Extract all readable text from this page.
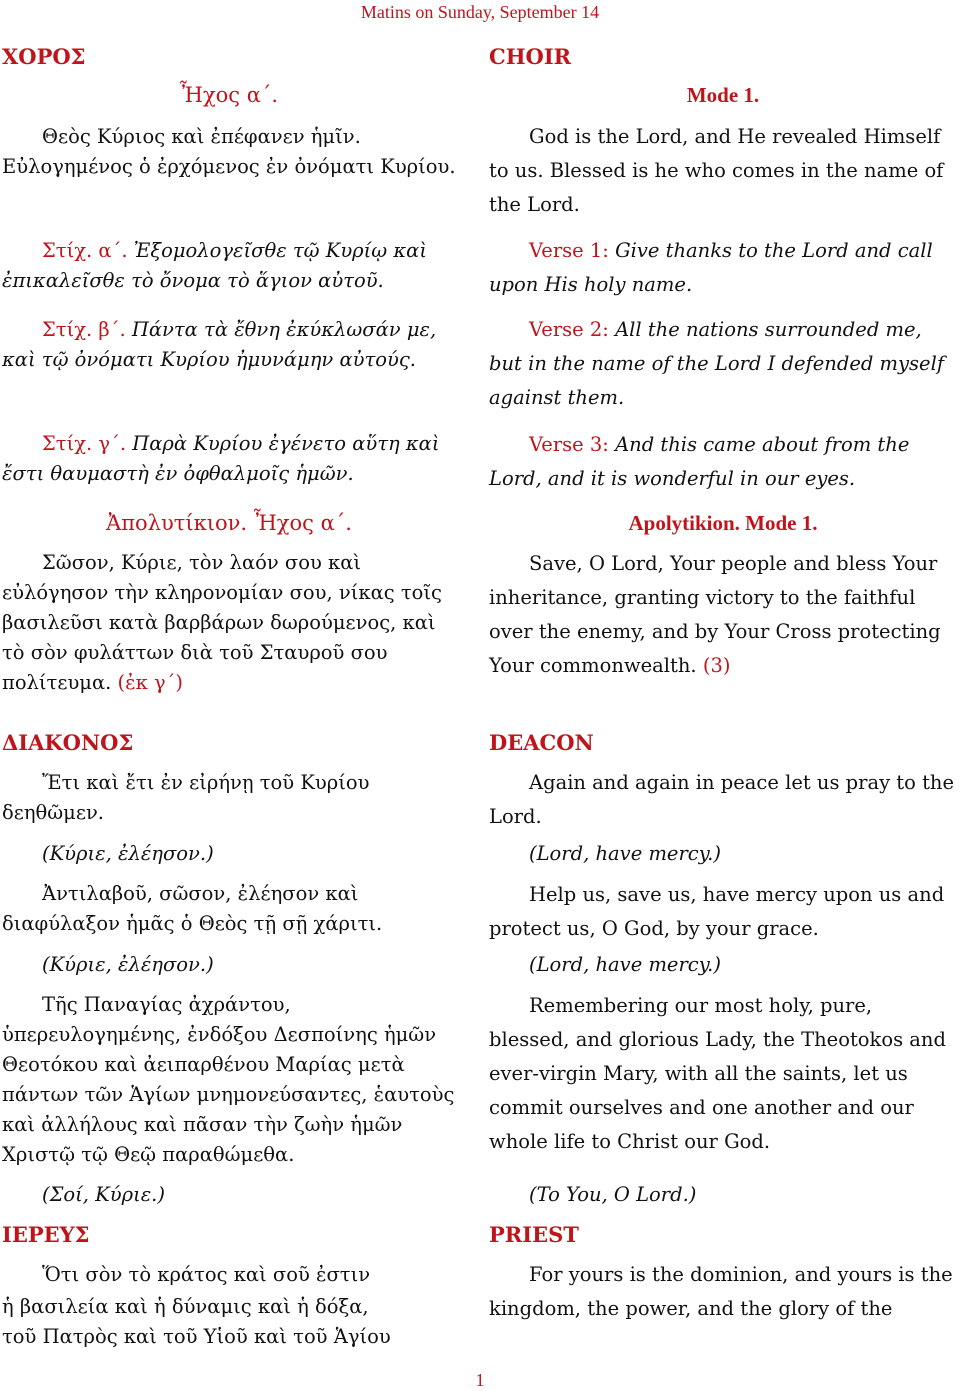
Matins on Sunday, September 14

ΧΟΡΟΣ

Ἦχος α΄.

Θεὸς Κύριος καὶ ἐπέφανεν ἡμῖν. Εὐλογημένος ὁ ἐρχόμενος ἐν ὀνόματι Κυρίου.

Στίχ. α΄. Ἐξομολογεῖσθε τῷ Κυρίῳ καὶ ἐπικαλεῖσθε τὸ ὄνομα τὸ ἅγιον αὐτοῦ.

Στίχ. β΄. Πάντα τὰ ἔθνη ἐκύκλωσάν με, καὶ τῷ ὀνόματι Κυρίου ἠμυνάμην αὐτούς.

Στίχ. γ΄. Παρὰ Κυρίου ἐγένετο αὕτη καὶ ἔστι θαυμαστὴ ἐν ὀφθαλμοῖς ἡμῶν.

Ἀπολυτίκιον. Ἦχος α΄.

Σῶσον, Κύριε, τὸν λαόν σου καὶ εὐλόγησον τὴν κληρονομίαν σου, νίκας τοῖς βασιλεῦσι κατὰ βαρβάρων δωρούμενος, καὶ τὸ σὸν φυλάττων διὰ τοῦ Σταυροῦ σου πολίτευμα. (ἐκ γ΄)

ΔΙΑΚΟΝΟΣ

Ἔτι καὶ ἔτι ἐν εἰρήνῃ τοῦ Κυρίου δεηθῶμεν.

(Κύριε, ἐλέησον.)

Ἀντιλαβοῦ, σῶσον, ἐλέησον καὶ διαφύλαξον ἡμᾶς ὁ Θεὸς τῇ σῇ χάριτι.

(Κύριε, ἐλέησον.)

Τῆς Παναγίας ἀχράντου, ὑπερευλογημένης, ἐνδόξου Δεσποίνης ἡμῶν Θεοτόκου καὶ ἀειπαρθένου Μαρίας μετὰ πάντων τῶν Ἁγίων μνημονεύσαντες, ἑαυτοὺς καὶ ἀλλήλους καὶ πᾶσαν τὴν ζωὴν ἡμῶν Χριστῷ τῷ Θεῷ παραθώμεθα.

(Σοί, Κύριε.)

ΙΕΡΕΥΣ

Ὅτι σὸν τὸ κράτος καὶ σοῦ ἐστιν

ἡ βασιλεία καὶ ἡ δύναμις καὶ ἡ δόξα,

τοῦ Πατρὸς καὶ τοῦ Υἱοῦ καὶ τοῦ Ἁγίου

CHOIR

Mode 1.

God is the Lord, and He revealed Himself to us. Blessed is he who comes in the name of the Lord.

Verse 1: Give thanks to the Lord and call upon His holy name.

Verse 2: All the nations surrounded me, but in the name of the Lord I defended myself against them.

Verse 3: And this came about from the Lord, and it is wonderful in our eyes.

Apolytikion. Mode 1.

Save, O Lord, Your people and bless Your inheritance, granting victory to the faithful over the enemy, and by Your Cross protecting Your commonwealth. (3)

DEACON

Again and again in peace let us pray to the Lord.

(Lord, have mercy.)

Help us, save us, have mercy upon us and protect us, O God, by your grace.

(Lord, have mercy.)

Remembering our most holy, pure, blessed, and glorious Lady, the Theotokos and ever-virgin Mary, with all the saints, let us commit ourselves and one another and our whole life to Christ our God.

(To You, O Lord.)

PRIEST

For yours is the dominion, and yours is the kingdom, the power, and the glory of the

1
